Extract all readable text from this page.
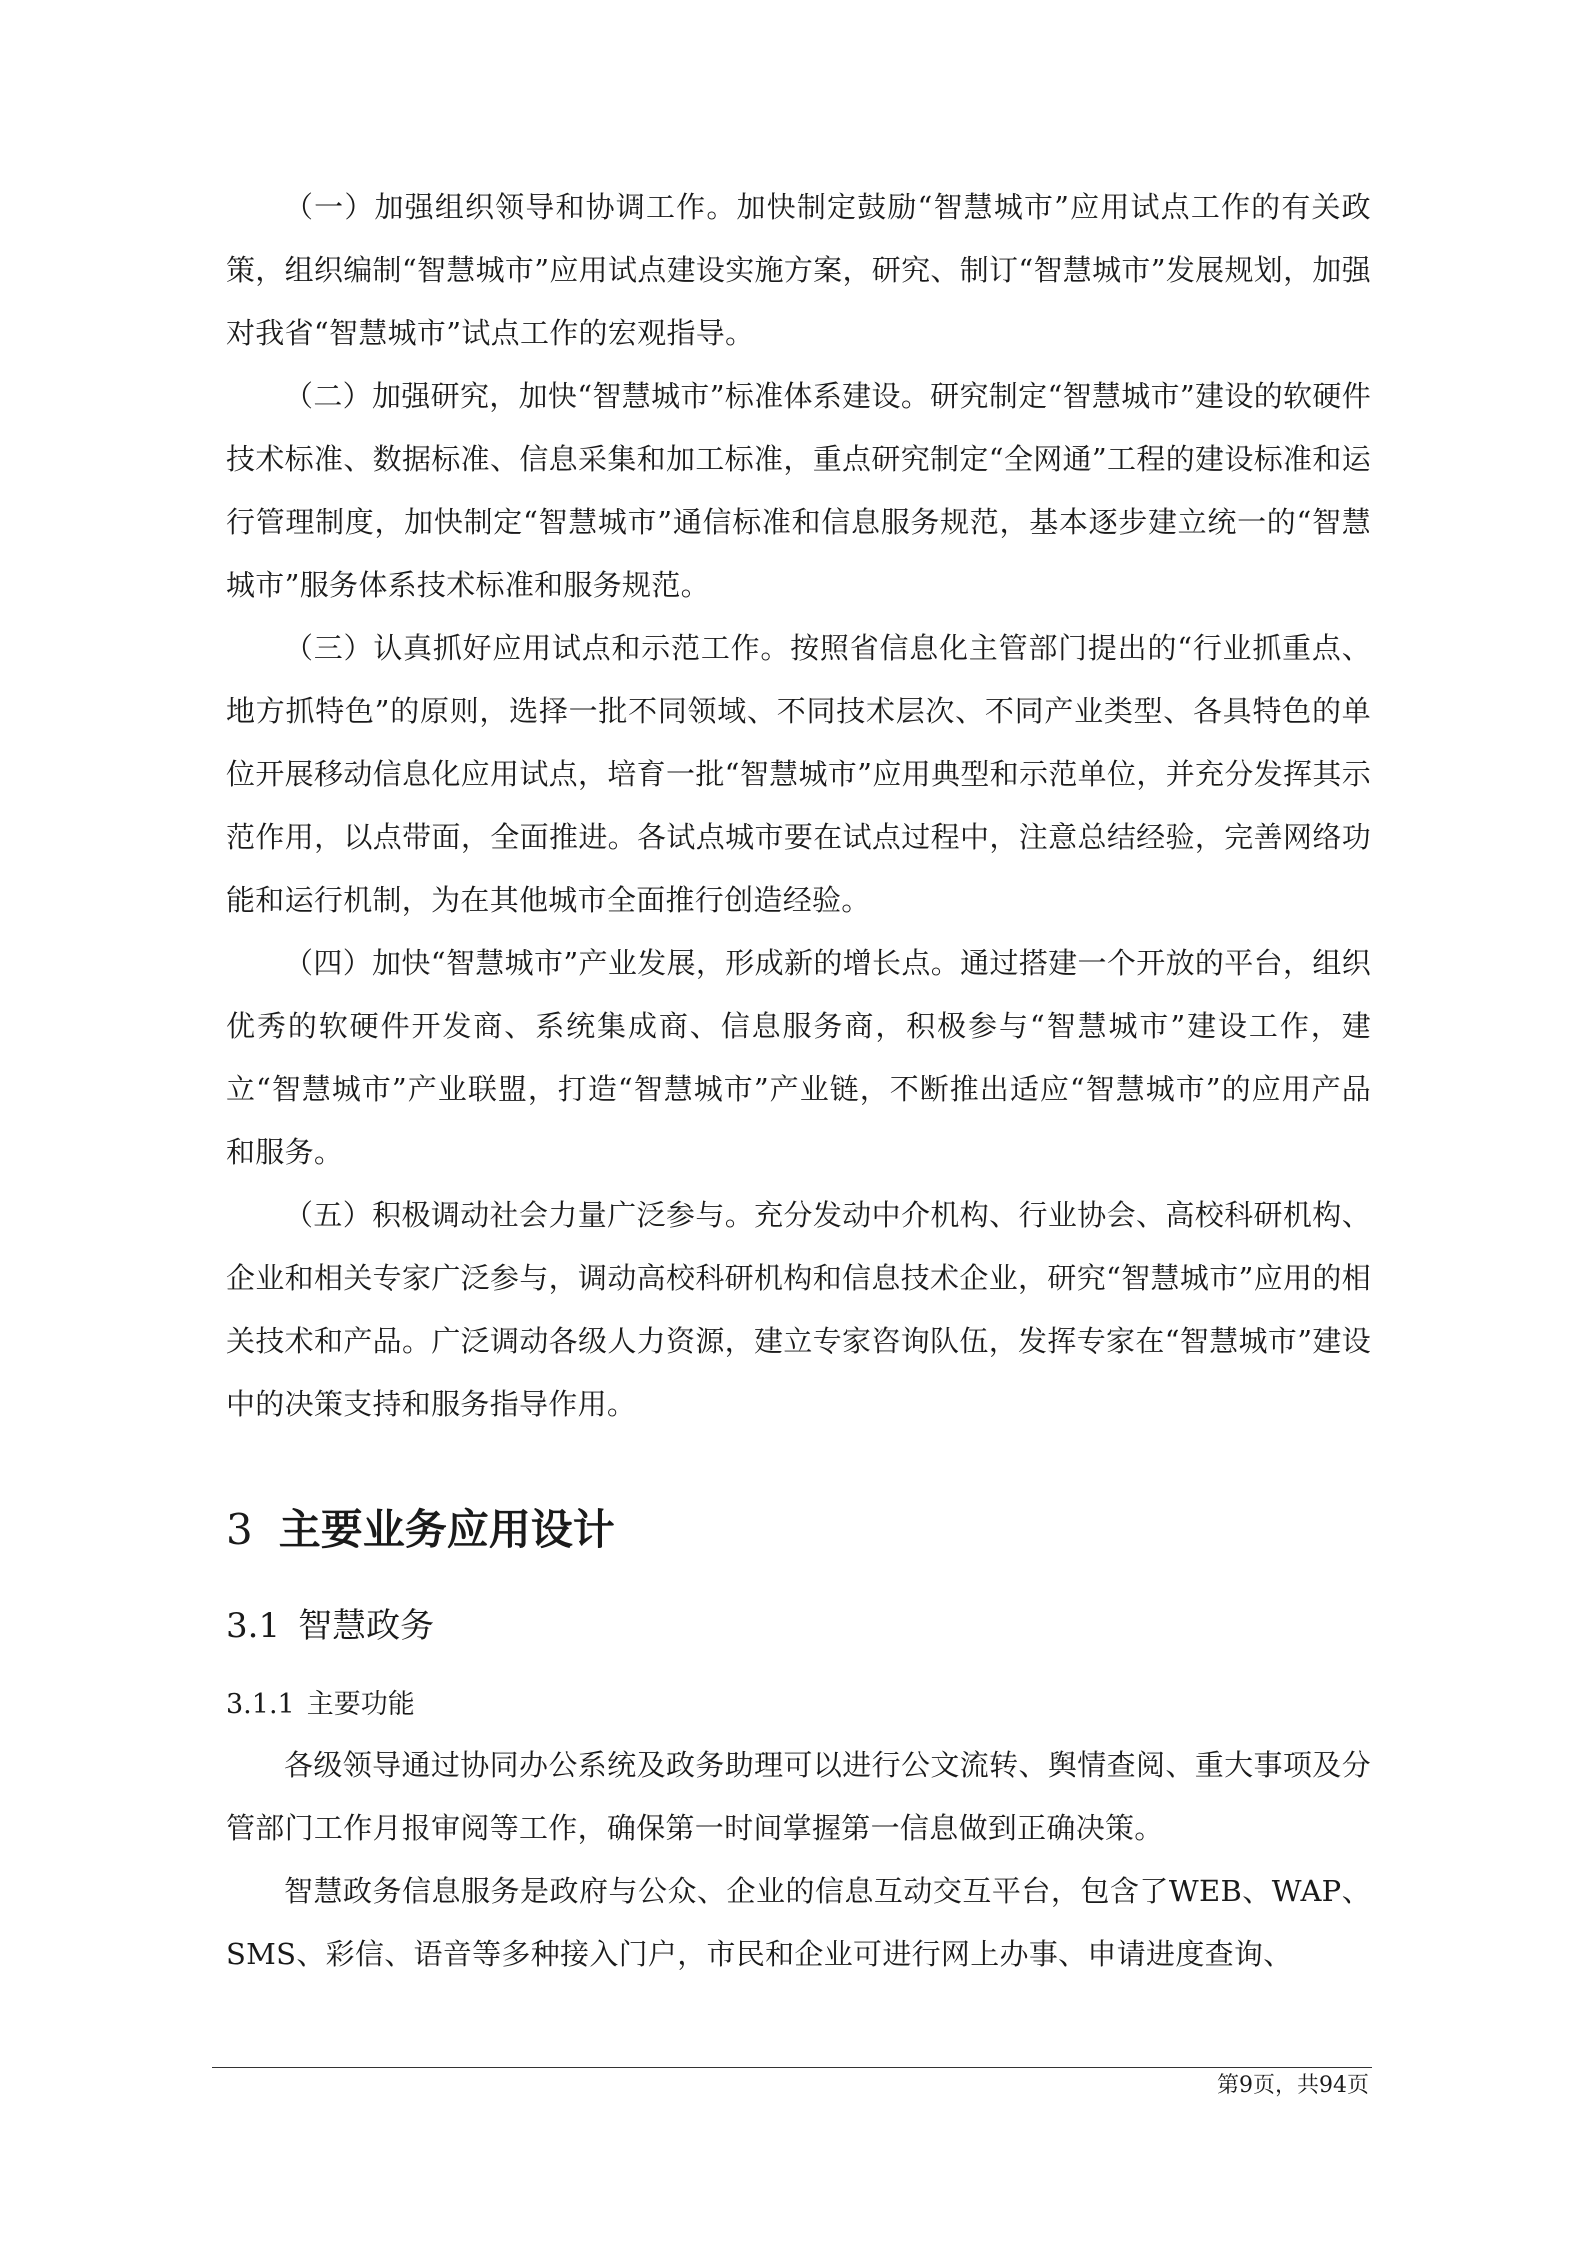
（一）加强组织领导和协调工作。加快制定鼓励“智慧城市”应用试点工作的有关政策，组织编制“智慧城市”应用试点建设实施方案，研究、制订“智慧城市”发展规划，加强对我省“智慧城市”试点工作的宏观指导。

（二）加强研究，加快“智慧城市”标准体系建设。研究制定“智慧城市”建设的软硬件技术标准、数据标准、信息采集和加工标准，重点研究制定“全网通”工程的建设标准和运行管理制度，加快制定“智慧城市”通信标准和信息服务规范，基本逐步建立统一的“智慧城市”服务体系技术标准和服务规范。

（三）认真抓好应用试点和示范工作。按照省信息化主管部门提出的“行业抓重点、地方抓特色”的原则，选择一批不同领域、不同技术层次、不同产业类型、各具特色的单位开展移动信息化应用试点，培育一批“智慧城市”应用典型和示范单位，并充分发挥其示范作用，以点带面，全面推进。各试点城市要在试点过程中，注意总结经验，完善网络功能和运行机制，为在其他城市全面推行创造经验。

（四）加快“智慧城市”产业发展，形成新的增长点。通过搭建一个开放的平台，组织优秀的软硬件开发商、系统集成商、信息服务商，积极参与“智慧城市”建设工作，建立“智慧城市”产业联盟，打造“智慧城市”产业链，不断推出适应“智慧城市”的应用产品和服务。

（五）积极调动社会力量广泛参与。充分发动中介机构、行业协会、高校科研机构、企业和相关专家广泛参与，调动高校科研机构和信息技术企业，研究“智慧城市”应用的相关技术和产品。广泛调动各级人力资源，建立专家咨询队伍，发挥专家在“智慧城市”建设中的决策支持和服务指导作用。

3 主要业务应用设计
3.1 智慧政务
3.1.1 主要功能

各级领导通过协同办公系统及政务助理可以进行公文流转、舆情查阅、重大事项及分管部门工作月报审阅等工作，确保第一时间掌握第一信息做到正确决策。

智慧政务信息服务是政府与公众、企业的信息互动交互平台，包含了WEB、WAP、SMS、彩信、语音等多种接入门户，市民和企业可进行网上办事、申请进度查询、

第9页，共94页
